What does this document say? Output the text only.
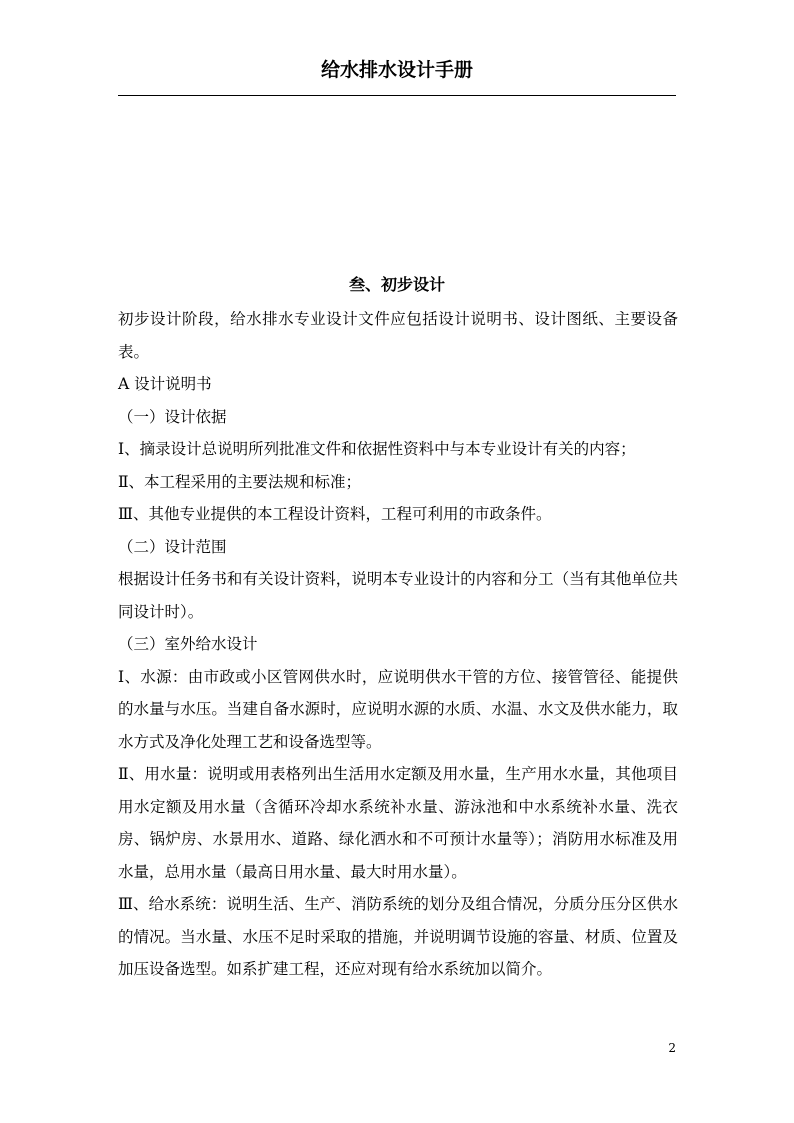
给水排水设计手册
叁、初步设计

初步设计阶段，给水排水专业设计文件应包括设计说明书、设计图纸、主要设备表。

A 设计说明书

（一）设计依据

Ⅰ、摘录设计总说明所列批准文件和依据性资料中与本专业设计有关的内容；

Ⅱ、本工程采用的主要法规和标准；

Ⅲ、其他专业提供的本工程设计资料，工程可利用的市政条件。

（二）设计范围

根据设计任务书和有关设计资料，说明本专业设计的内容和分工（当有其他单位共同设计时）。

（三）室外给水设计

Ⅰ、水源：由市政或小区管网供水时，应说明供水干管的方位、接管管径、能提供的水量与水压。当建自备水源时，应说明水源的水质、水温、水文及供水能力，取水方式及净化处理工艺和设备选型等。

Ⅱ、用水量：说明或用表格列出生活用水定额及用水量，生产用水水量，其他项目用水定额及用水量（含循环冷却水系统补水量、游泳池和中水系统补水量、洗衣房、锅炉房、水景用水、道路、绿化洒水和不可预计水量等）；消防用水标准及用水量，总用水量（最高日用水量、最大时用水量）。

Ⅲ、给水系统：说明生活、生产、消防系统的划分及组合情况，分质分压分区供水的情况。当水量、水压不足时采取的措施，并说明调节设施的容量、材质、位置及加压设备选型。如系扩建工程，还应对现有给水系统加以简介。

2
